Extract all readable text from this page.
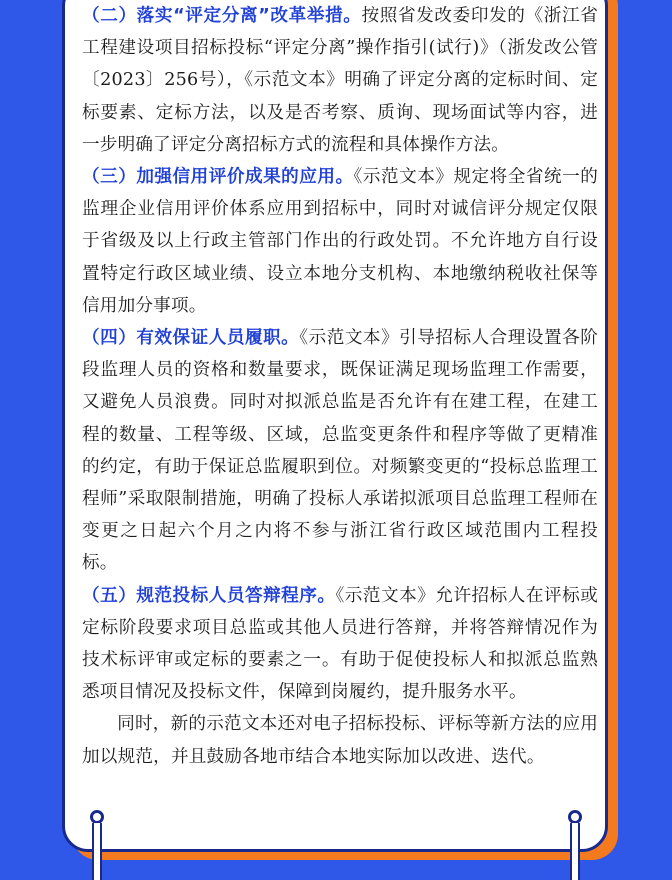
（二）落实“评定分离”改革举措。按照省发改委印发的《浙江省工程建设项目招标投标“评定分离”操作指引(试行)》（浙发改公管〔2023〕256号），《示范文本》明确了评定分离的定标时间、定标要素、定标方法，以及是否考察、质询、现场面试等内容，进一步明确了评定分离招标方式的流程和具体操作方法。

（三）加强信用评价成果的应用。《示范文本》规定将全省统一的监理企业信用评价体系应用到招标中，同时对诚信评分规定仅限于省级及以上行政主管部门作出的行政处罚。不允许地方自行设置特定行政区域业绩、设立本地分支机构、本地缴纳税收社保等信用加分事项。

（四）有效保证人员履职。《示范文本》引导招标人合理设置各阶段监理人员的资格和数量要求，既保证满足现场监理工作需要，又避免人员浪费。同时对拟派总监是否允许有在建工程，在建工程的数量、工程等级、区域，总监变更条件和程序等做了更精准的约定，有助于保证总监履职到位。对频繁变更的“投标总监理工程师”采取限制措施，明确了投标人承诺拟派项目总监理工程师在变更之日起六个月之内将不参与浙江省行政区域范围内工程投标。

（五）规范投标人员答辩程序。《示范文本》允许招标人在评标或定标阶段要求项目总监或其他人员进行答辩，并将答辩情况作为技术标评审或定标的要素之一。有助于促使投标人和拟派总监熟悉项目情况及投标文件，保障到岗履约，提升服务水平。

同时，新的示范文本还对电子招标投标、评标等新方法的应用加以规范，并且鼓励各地市结合本地实际加以改进、迭代。
